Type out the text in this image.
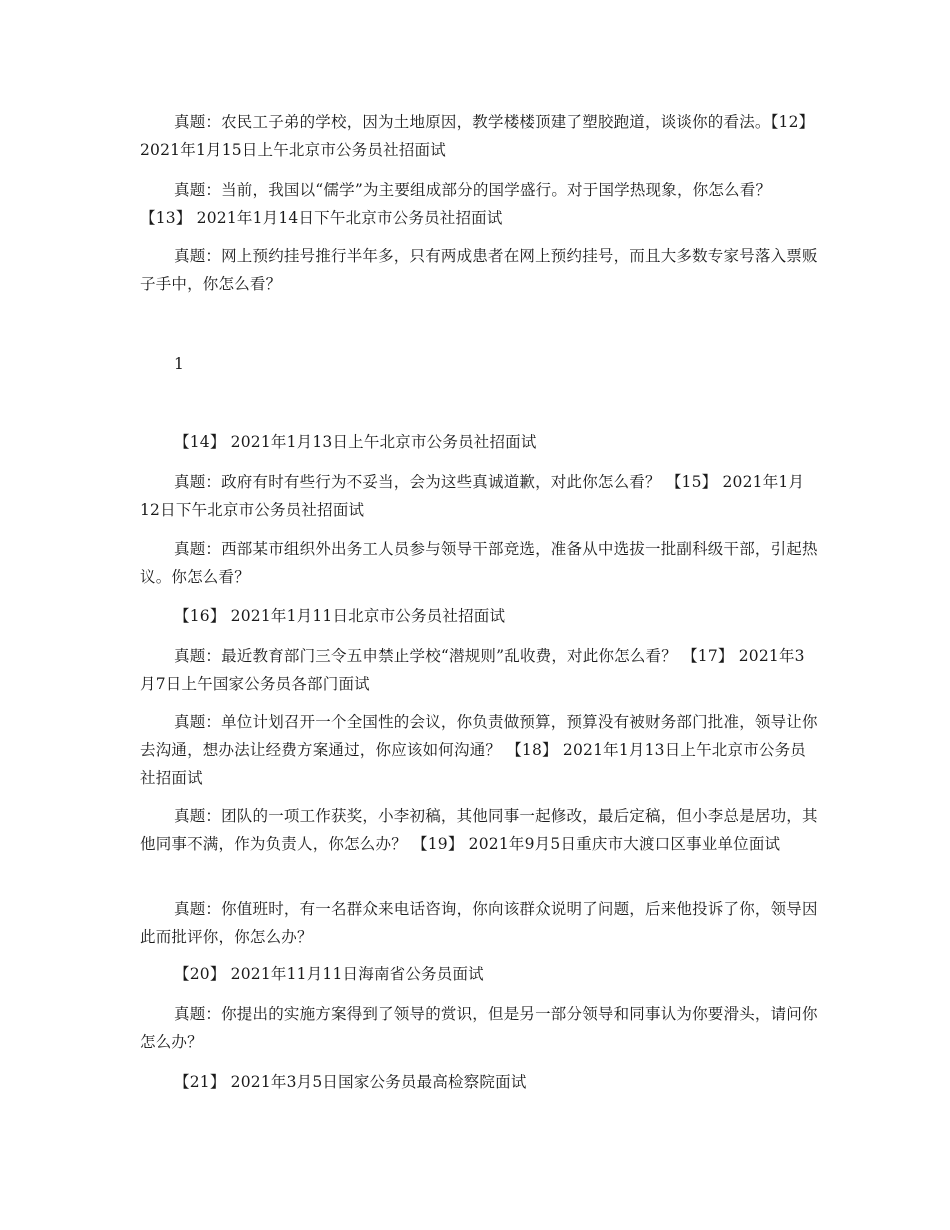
真题：农民工子弟的学校，因为土地原因，教学楼楼顶建了塑胶跑道，谈谈你的看法。【12】 2021年1月15日上午北京市公务员社招面试

真题：当前，我国以“儒学”为主要组成部分的国学盛行。对于国学热现象，你怎么看？ 【13】 2021年1月14日下午北京市公务员社招面试

真题：网上预约挂号推行半年多，只有两成患者在网上预约挂号，而且大多数专家号落入票贩子手中，你怎么看？

1

【14】 2021年1月13日上午北京市公务员社招面试

真题：政府有时有些行为不妥当，会为这些真诚道歉，对此你怎么看？ 【15】 2021年1月12日下午北京市公务员社招面试

真题：西部某市组织外出务工人员参与领导干部竞选，准备从中选拔一批副科级干部，引起热议。你怎么看？

【16】 2021年1月11日北京市公务员社招面试

真题：最近教育部门三令五申禁止学校“潜规则”乱收费，对此你怎么看？ 【17】 2021年3月7日上午国家公务员各部门面试

真题：单位计划召开一个全国性的会议，你负责做预算，预算没有被财务部门批准，领导让你去沟通，想办法让经费方案通过，你应该如何沟通？ 【18】 2021年1月13日上午北京市公务员社招面试

真题：团队的一项工作获奖，小李初稿，其他同事一起修改，最后定稿，但小李总是居功，其他同事不满，作为负责人，你怎么办？ 【19】 2021年9月5日重庆市大渡口区事业单位面试

真题：你值班时，有一名群众来电话咨询，你向该群众说明了问题，后来他投诉了你，领导因此而批评你，你怎么办？

【20】 2021年11月11日海南省公务员面试

真题：你提出的实施方案得到了领导的赏识，但是另一部分领导和同事认为你要滑头，请问你怎么办？

【21】 2021年3月5日国家公务员最高检察院面试
